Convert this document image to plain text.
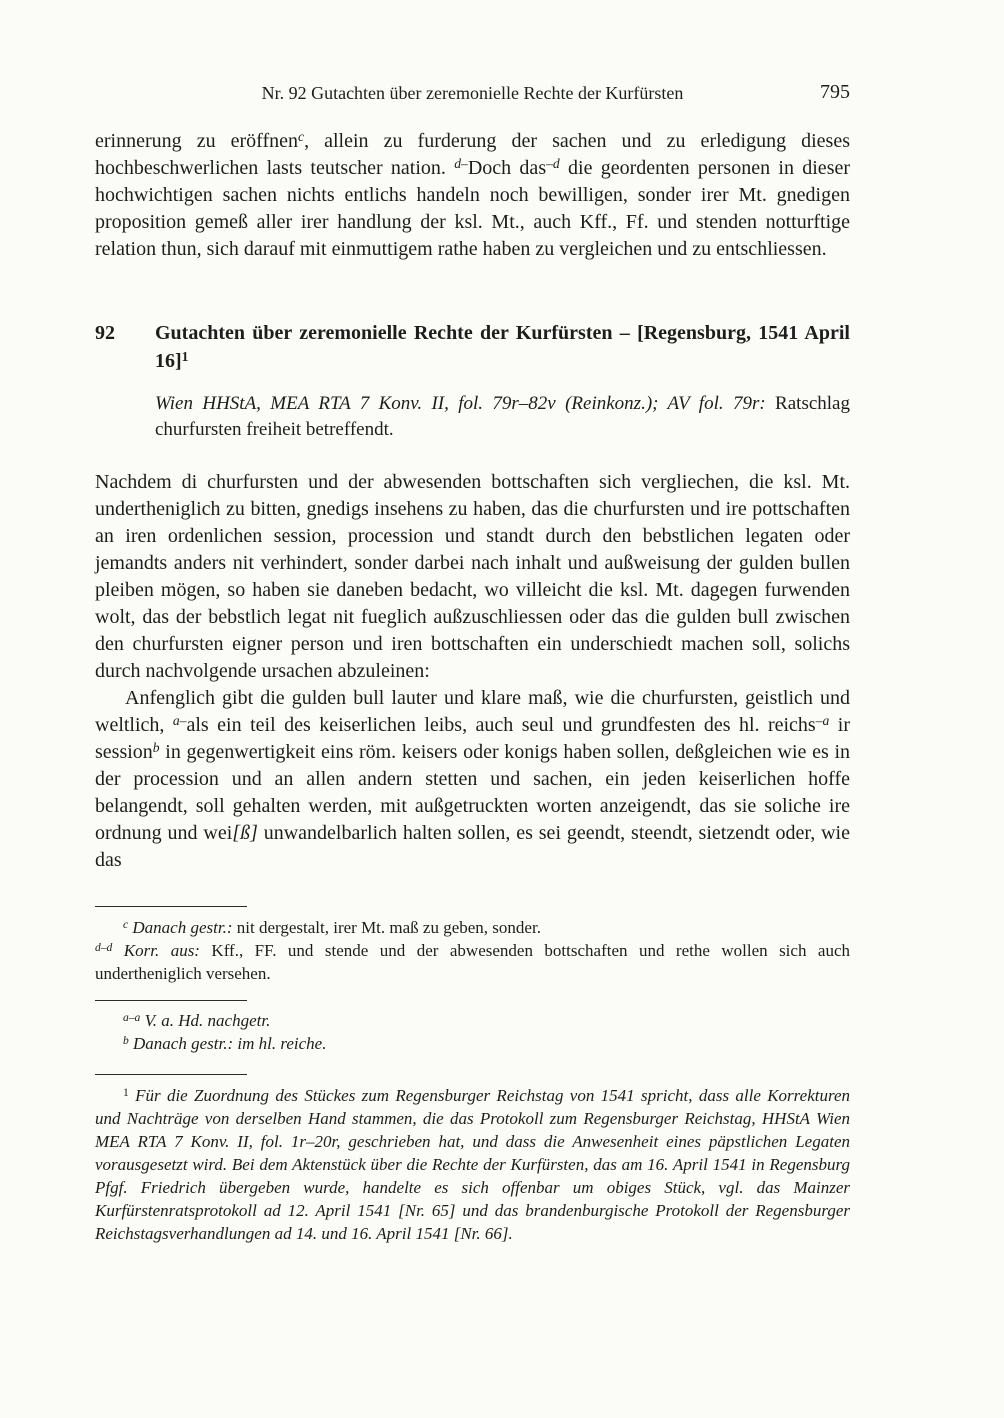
Nr. 92 Gutachten über zeremonielle Rechte der Kurfürsten	795

erinnerung zu eröffnen$^c$, allein zu furderung der sachen und zu erledigung dieses hochbeschwerlichen lasts teutscher nation. $^{d-}$Doch das$^{-d}$ die geordenten personen in dieser hochwichtigen sachen nichts entlichs handeln noch bewilligen, sonder irer Mt. gnedigen proposition gemeß aller irer handlung der ksl. Mt., auch Kff., Ff. und stenden notturftige relation thun, sich darauf mit einmuttigem rathe haben zu vergleichen und zu entschliessen.

92	Gutachten über zeremonielle Rechte der Kurfürsten – [Regensburg, 1541 April 16]$^1$

Wien HHStA, MEA RTA 7 Konv. II, fol. 79r–82v (Reinkonz.); AV fol. 79r: Ratschlag churfursten freiheit betreffendt.

Nachdem di churfursten und der abwesenden bottschaften sich vergliechen, die ksl. Mt. undertheniglich zu bitten, gnedigs insehens zu haben, das die churfursten und ire pottschaften an iren ordenlichen session, procession und standt durch den bebstlichen legaten oder jemandts anders nit verhindert, sonder darbei nach inhalt und außweisung der gulden bullen pleiben mögen, so haben sie daneben bedacht, wo villeicht die ksl. Mt. dagegen furwenden wolt, das der bebstlich legat nit fueglich außzuschliessen oder das die gulden bull zwischen den churfursten eigner person und iren bottschaften ein underschiedt machen soll, solichs durch nachvolgende ursachen abzuleinen:

Anfenglich gibt die gulden bull lauter und klare maß, wie die churfursten, geistlich und weltlich, $^{a-}$als ein teil des keiserlichen leibs, auch seul und grundfesten des hl. reichs$^{-a}$ ir session$^b$ in gegenwertigkeit eins röm. keisers oder konigs haben sollen, deßgleichen wie es in der procession und an allen andern stetten und sachen, ein jeden keiserlichen hoffe belangendt, soll gehalten werden, mit außgetruckten worten anzeigendt, das sie soliche ire ordnung und wei[ß] unwandelbarlich halten sollen, es sei geendt, steendt, sietzendt oder, wie das

$^c$ Danach gestr.: nit dergestalt, irer Mt. maß zu geben, sonder.

$^{d-d}$ Korr. aus: Kff., FF. und stende und der abwesenden bottschaften und rethe wollen sich auch undertheniglich versehen.

$^{a-a}$ V. a. Hd. nachgetr.

$^b$ Danach gestr.: im hl. reiche.

$^1$ Für die Zuordnung des Stückes zum Regensburger Reichstag von 1541 spricht, dass alle Korrekturen und Nachträge von derselben Hand stammen, die das Protokoll zum Regensburger Reichstag, HHStA Wien MEA RTA 7 Konv. II, fol. 1r–20r, geschrieben hat, und dass die Anwesenheit eines päpstlichen Legaten vorausgesetzt wird. Bei dem Aktenstück über die Rechte der Kurfürsten, das am 16. April 1541 in Regensburg Pfgf. Friedrich übergeben wurde, handelte es sich offenbar um obiges Stück, vgl. das Mainzer Kurfürstenratsprotokoll ad 12. April 1541 [Nr. 65] und das brandenburgische Protokoll der Regensburger Reichstagsverhandlungen ad 14. und 16. April 1541 [Nr. 66].
